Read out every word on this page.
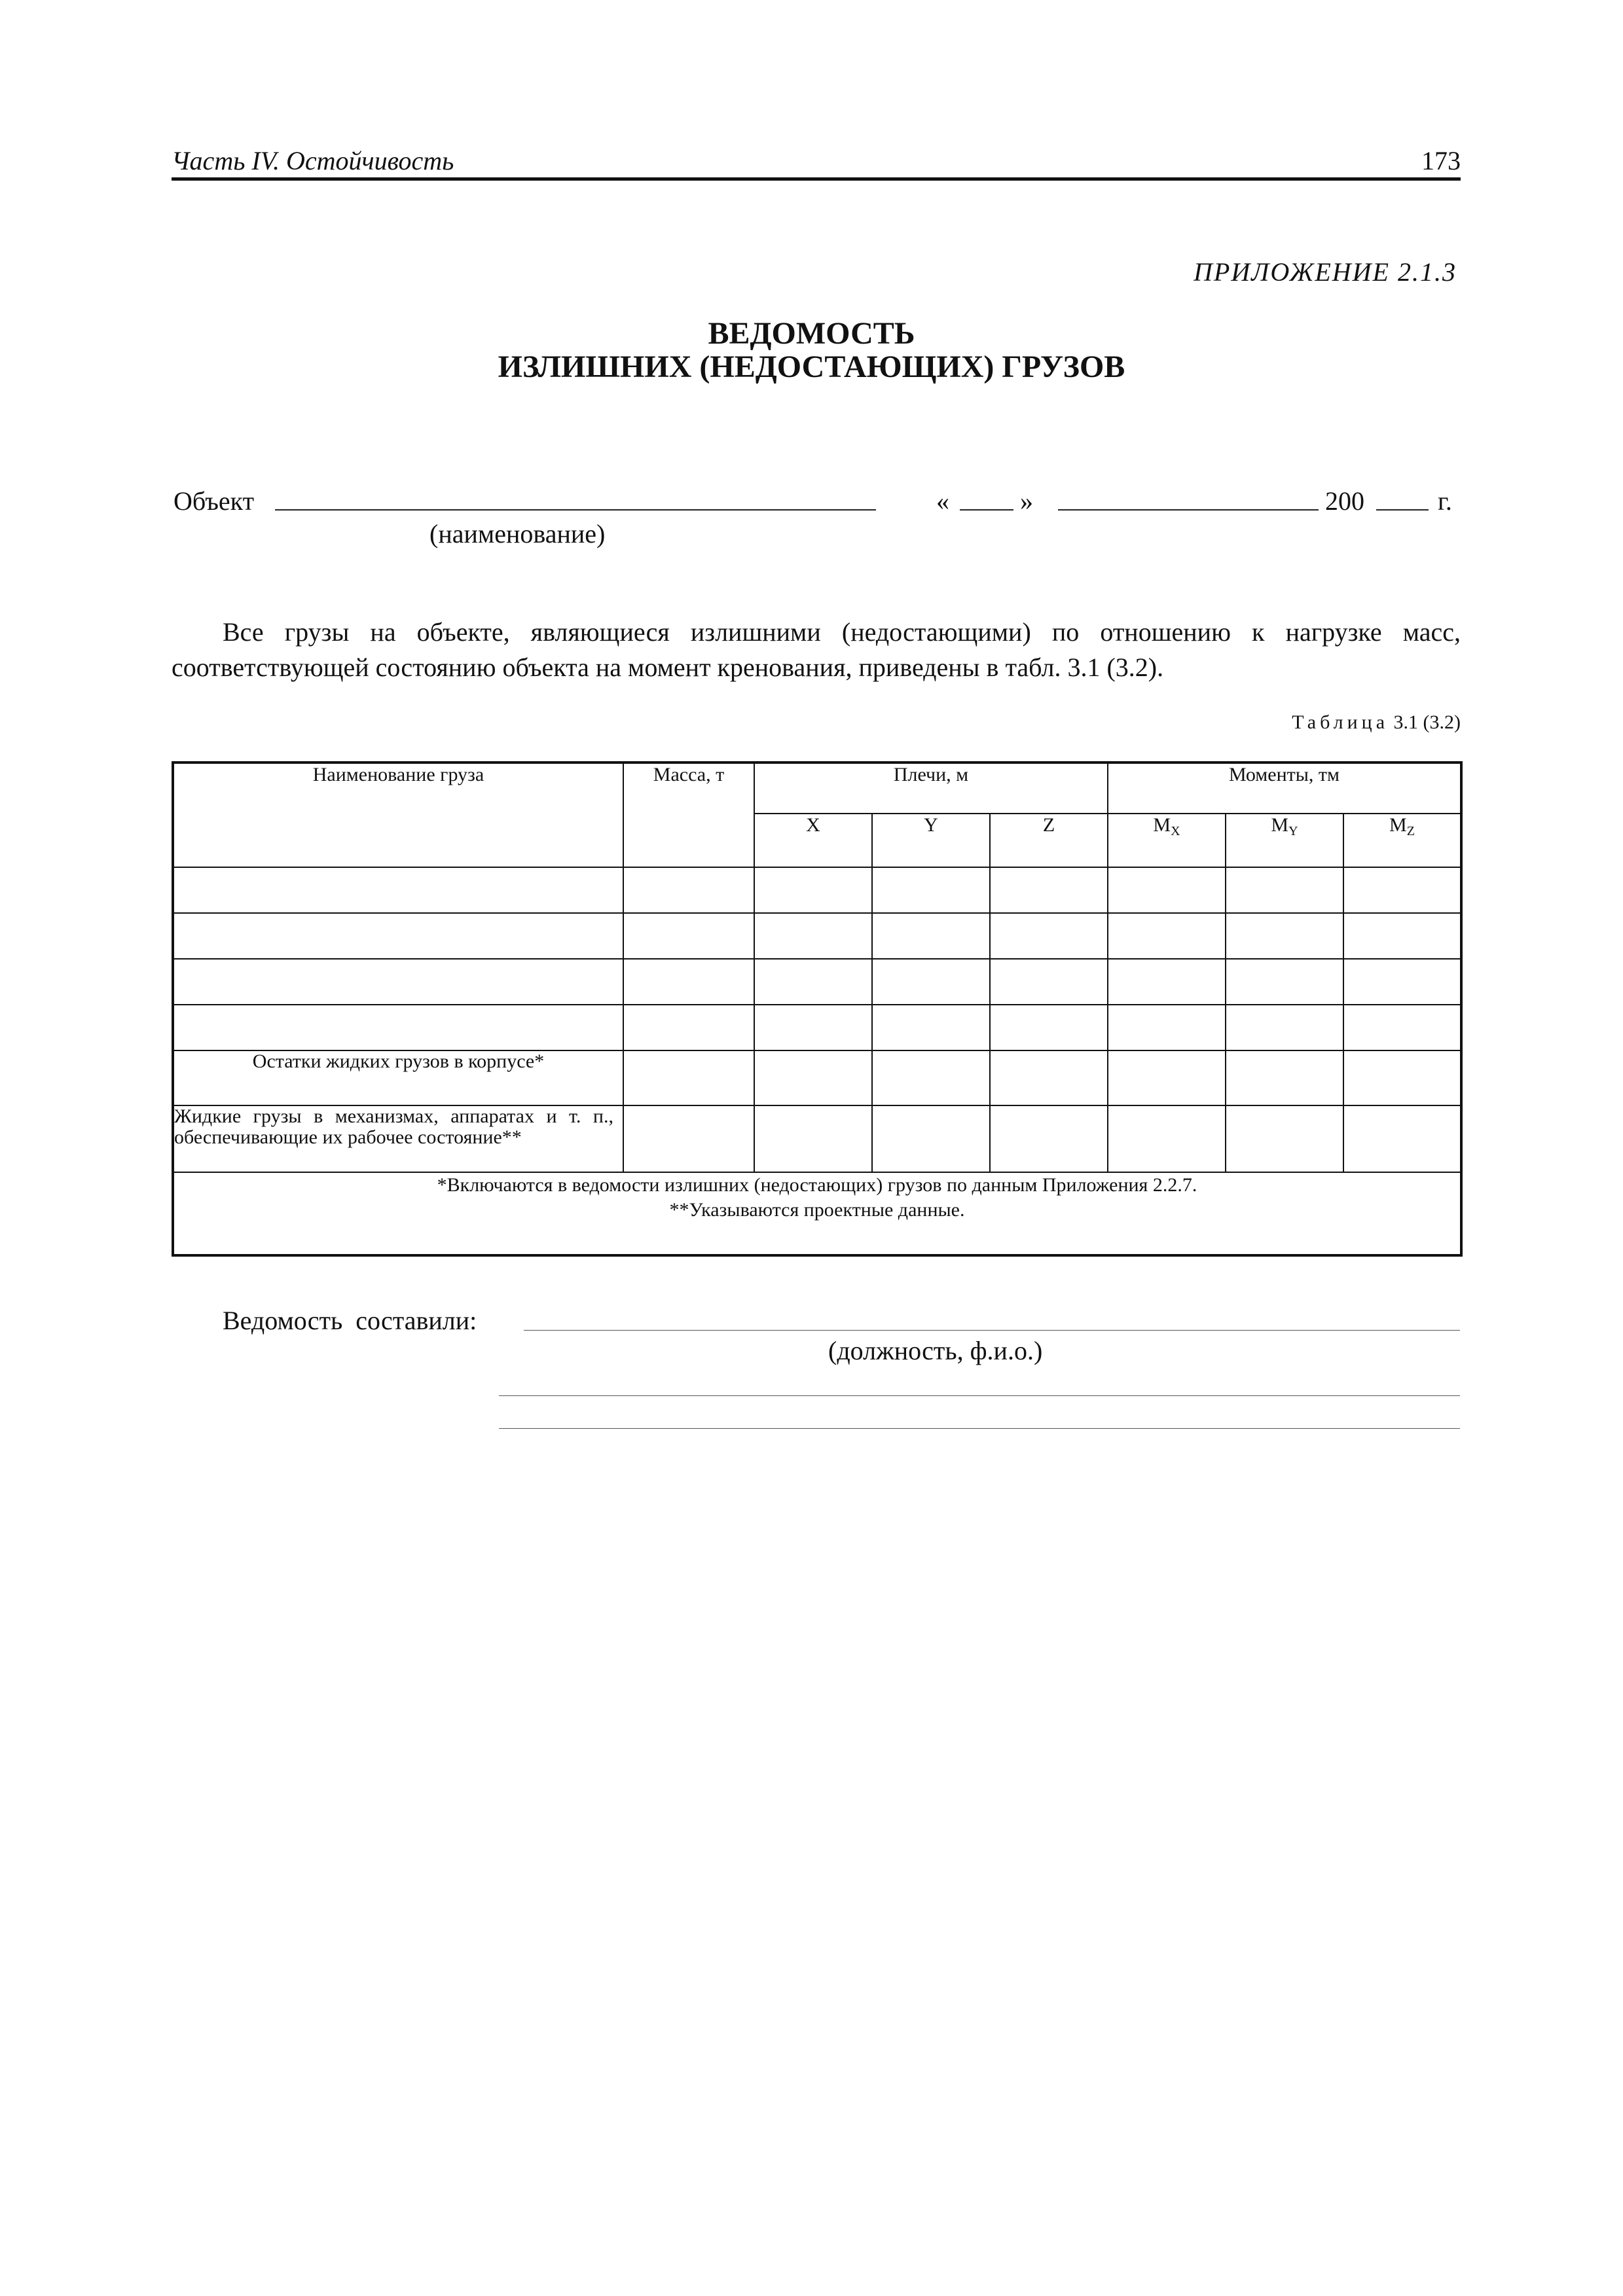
Часть IV. Остойчивость	173
ПРИЛОЖЕНИЕ 2.1.3
ВЕДОМОСТЬ
ИЗЛИШНИХ (НЕДОСТАЮЩИХ) ГРУЗОВ
Объект
(наименование)
«	»	200	г.
Все грузы на объекте, являющиеся излишними (недостающими) по отношению к нагрузке масс,
соответствующей состоянию объекта на момент кренования, приведены в табл. 3.1 (3.2).
Таблица 3.1 (3.2)
Наименование груза	Масса, т	Плечи, м			Моменты, тм		
		X	Y	Z	$M_X$	$M_Y$	$M_Z$

Остатки жидких грузов в корпусе*							
Жидкие грузы в механизмах, аппаратах и т. п., обеспечивающие их рабочее состояние**							

*Включаются в ведомости излишних (недостающих) грузов по данным Приложения 2.2.7.
**Указываются проектные данные.							
Ведомость составили:
(должность, ф.и.о.)
